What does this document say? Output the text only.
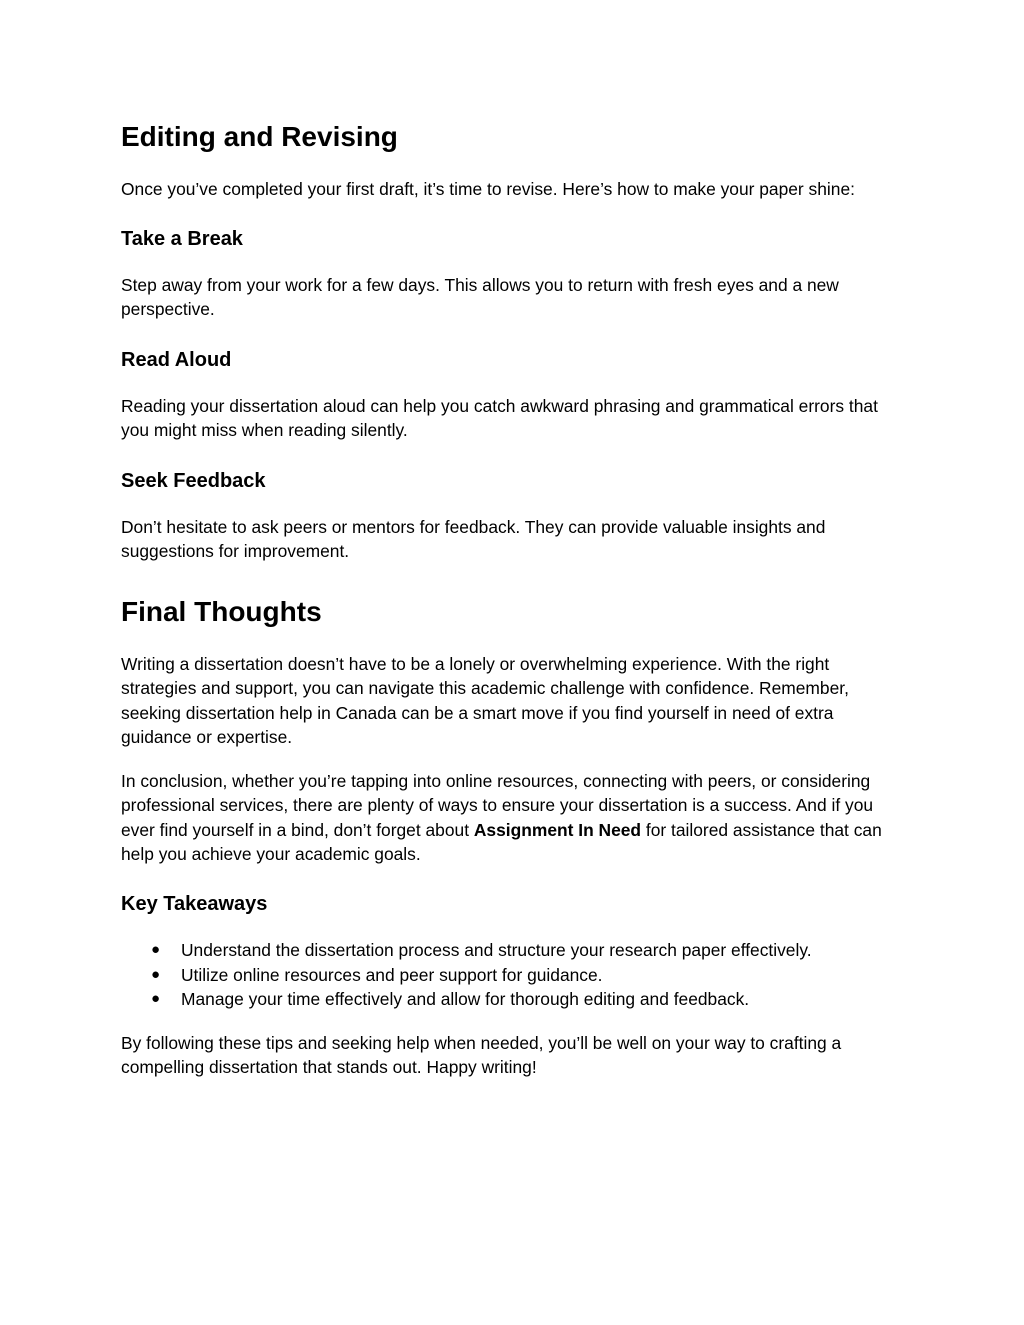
Editing and Revising

Once you’ve completed your first draft, it’s time to revise. Here’s how to make your paper shine:

Take a Break

Step away from your work for a few days. This allows you to return with fresh eyes and a new perspective.

Read Aloud

Reading your dissertation aloud can help you catch awkward phrasing and grammatical errors that you might miss when reading silently.

Seek Feedback

Don’t hesitate to ask peers or mentors for feedback. They can provide valuable insights and suggestions for improvement.

Final Thoughts

Writing a dissertation doesn’t have to be a lonely or overwhelming experience. With the right strategies and support, you can navigate this academic challenge with confidence. Remember, seeking dissertation help in Canada can be a smart move if you find yourself in need of extra guidance or expertise.

In conclusion, whether you’re tapping into online resources, connecting with peers, or considering professional services, there are plenty of ways to ensure your dissertation is a success. And if you ever find yourself in a bind, don’t forget about Assignment In Need for tailored assistance that can help you achieve your academic goals.

Key Takeaways
● Understand the dissertation process and structure your research paper effectively.
● Utilize online resources and peer support for guidance.
● Manage your time effectively and allow for thorough editing and feedback.

By following these tips and seeking help when needed, you’ll be well on your way to crafting a compelling dissertation that stands out. Happy writing!
